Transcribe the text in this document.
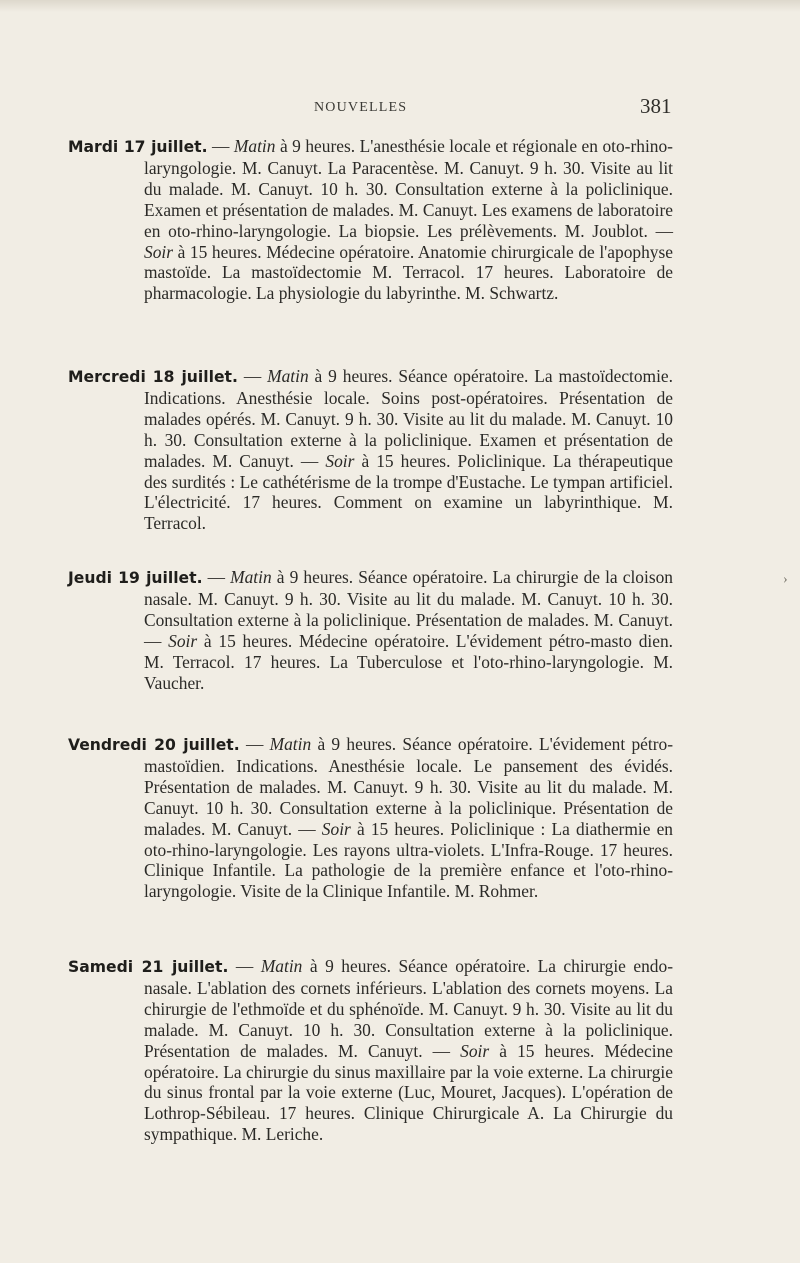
NOUVELLES	381

Mardi 17 juillet. — Matin à 9 heures. L'anesthésie locale et régionale en oto-rhino-laryngologie. M. Canuyt. La Paracentèse. M. Canuyt. 9 h. 30. Visite au lit du malade. M. Canuyt. 10 h. 30. Consultation externe à la policlinique. Examen et présentation de malades. M. Canuyt. Les examens de laboratoire en oto-rhino-laryngologie. La biopsie. Les prélèvements. M. Joublot. — Soir à 15 heures. Médecine opératoire. Anatomie chirurgicale de l'apophyse mastoïde. La mastoïdectomie M. Terracol. 17 heures. Laboratoire de pharmacologie. La physiologie du labyrinthe. M. Schwartz.

Mercredi 18 juillet. — Matin à 9 heures. Séance opératoire. La mastoïdectomie. Indications. Anesthésie locale. Soins post-opératoires. Présentation de malades opérés. M. Canuyt. 9 h. 30. Visite au lit du malade. M. Canuyt. 10 h. 30. Consultation externe à la policlinique. Examen et présentation de malades. M. Canuyt. — Soir à 15 heures. Policlinique. La thérapeutique des surdités : Le cathétérisme de la trompe d'Eustache. Le tympan artificiel. L'électricité. 17 heures. Comment on examine un labyrinthique. M. Terracol.

Jeudi 19 juillet. — Matin à 9 heures. Séance opératoire. La chirurgie de la cloison nasale. M. Canuyt. 9 h. 30. Visite au lit du malade. M. Canuyt. 10 h. 30. Consultation externe à la policlinique. Présentation de malades. M. Canuyt. — Soir à 15 heures. Médecine opératoire. L'évidement pétro-masto dien. M. Terracol. 17 heures. La Tuberculose et l'oto-rhino-laryngologie. M. Vaucher.

Vendredi 20 juillet. — Matin à 9 heures. Séance opératoire. L'évidement pétro-mastoïdien. Indications. Anesthésie locale. Le pansement des évidés. Présentation de malades. M. Canuyt. 9 h. 30. Visite au lit du malade. M. Canuyt. 10 h. 30. Consultation externe à la policlinique. Présentation de malades. M. Canuyt. — Soir à 15 heures. Policlinique : La diathermie en oto-rhino-laryngologie. Les rayons ultra-violets. L'Infra-Rouge. 17 heures. Clinique Infantile. La pathologie de la première enfance et l'oto-rhino-laryngologie. Visite de la Clinique Infantile. M. Rohmer.

Samedi 21 juillet. — Matin à 9 heures. Séance opératoire. La chirurgie endo-nasale. L'ablation des cornets inférieurs. L'ablation des cornets moyens. La chirurgie de l'ethmoïde et du sphénoïde. M. Canuyt. 9 h. 30. Visite au lit du malade. M. Canuyt. 10 h. 30. Consultation externe à la policlinique. Présentation de malades. M. Canuyt. — Soir à 15 heures. Médecine opératoire. La chirurgie du sinus maxillaire par la voie externe. La chirurgie du sinus frontal par la voie externe (Luc, Mouret, Jacques). L'opération de Lothrop-Sébileau. 17 heures. Clinique Chirurgicale A. La Chirurgie du sympathique. M. Leriche.

›
